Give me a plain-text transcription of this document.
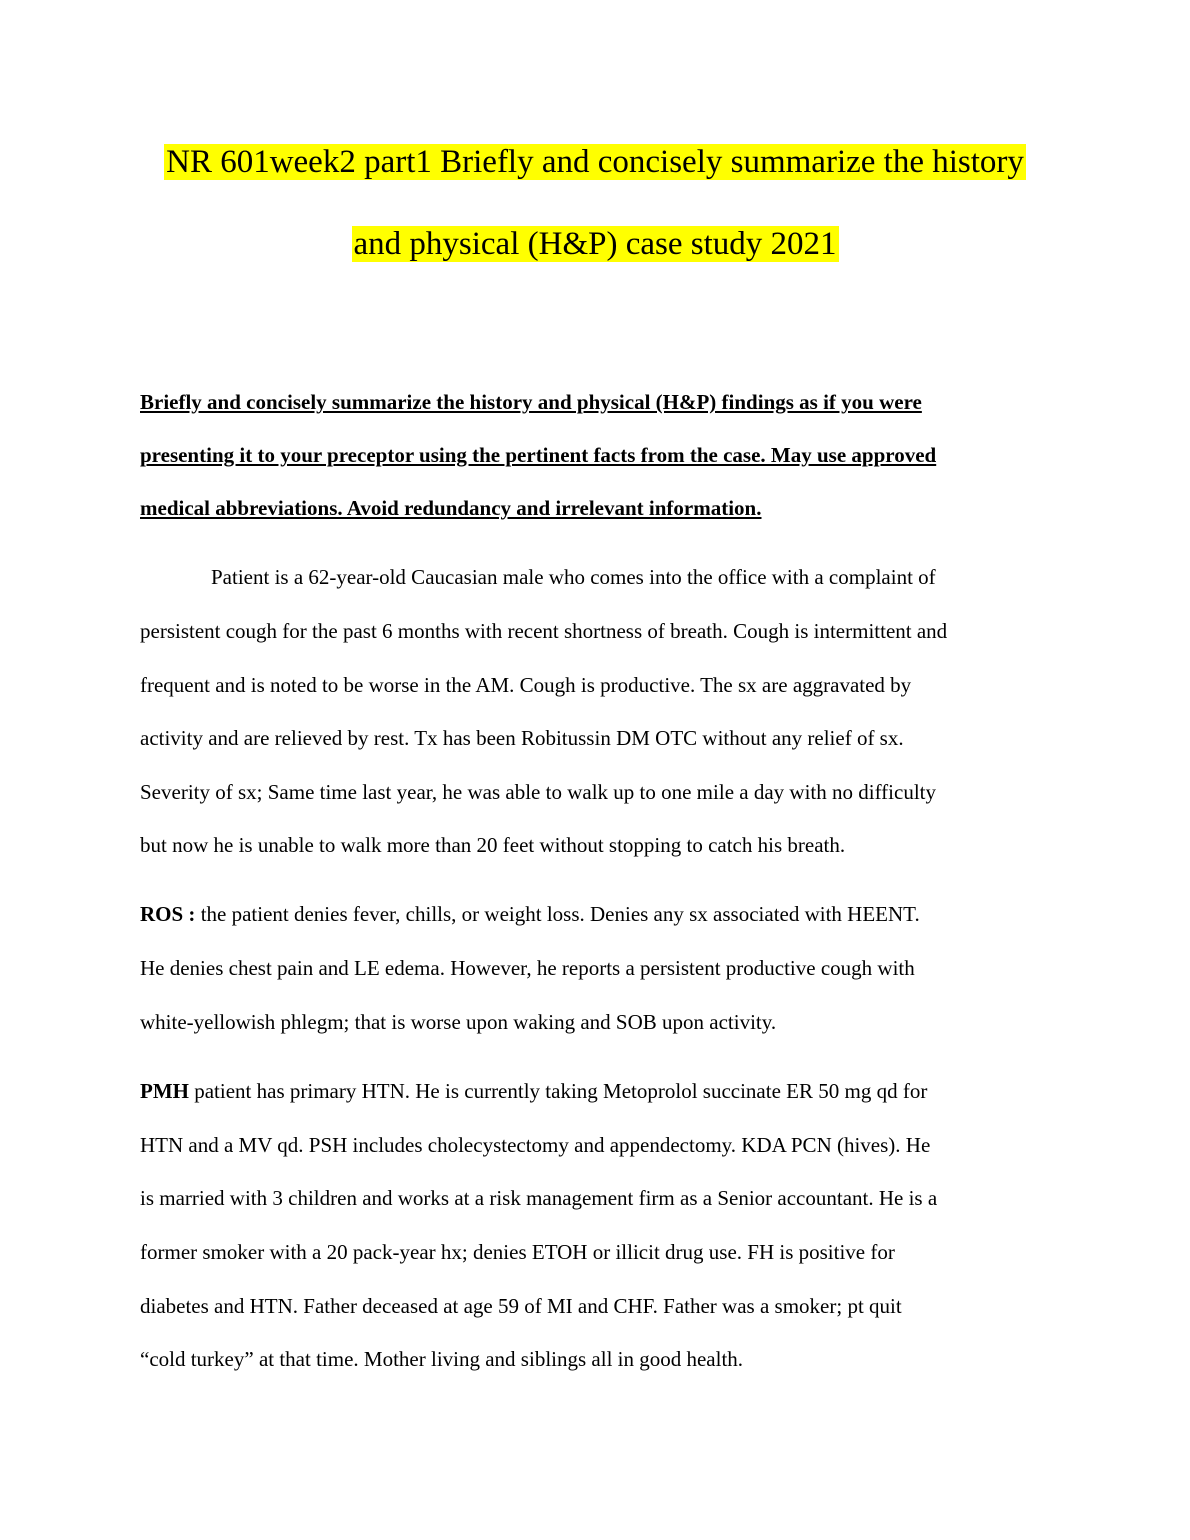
NR 601week2 part1 Briefly and concisely summarize the history
and physical (H&P) case study 2021
Briefly and concisely summarize the history and physical (H&P) findings as if you were
presenting it to your preceptor using the pertinent facts from the case. May use approved
medical abbreviations. Avoid redundancy and irrelevant information.
Patient is a 62-year-old Caucasian male who comes into the office with a complaint of
persistent cough for the past 6 months with recent shortness of breath. Cough is intermittent and
frequent and is noted to be worse in the AM. Cough is productive. The sx are aggravated by
activity and are relieved by rest. Tx has been Robitussin DM OTC without any relief of sx.
Severity of sx; Same time last year, he was able to walk up to one mile a day with no difficulty
but now he is unable to walk more than 20 feet without stopping to catch his breath.
ROS : the patient denies fever, chills, or weight loss. Denies any sx associated with HEENT.
He denies chest pain and LE edema. However, he reports a persistent productive cough with
white-yellowish phlegm; that is worse upon waking and SOB upon activity.
PMH patient has primary HTN. He is currently taking Metoprolol succinate ER 50 mg qd for
HTN and a MV qd. PSH includes cholecystectomy and appendectomy. KDA PCN (hives). He
is married with 3 children and works at a risk management firm as a Senior accountant. He is a
former smoker with a 20 pack-year hx; denies ETOH or illicit drug use. FH is positive for
diabetes and HTN. Father deceased at age 59 of MI and CHF. Father was a smoker; pt quit
“cold turkey” at that time. Mother living and siblings all in good health.
